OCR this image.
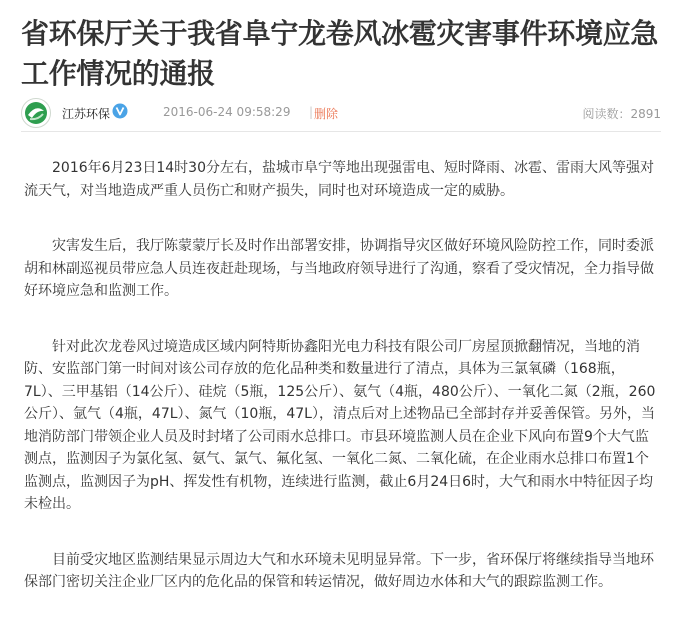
省环保厅关于我省阜宁龙卷风冰雹灾害事件环境应急工作情况的通报
江苏环保	2016-06-24 09:58:29 | 删除	阅读数：2891

2016年6月23日14时30分左右，盐城市阜宁等地出现强雷电、短时降雨、冰雹、雷雨大风等强对流天气，对当地造成严重人员伤亡和财产损失，同时也对环境造成一定的威胁。

灾害发生后，我厅陈蒙蒙厅长及时作出部署安排，协调指导灾区做好环境风险防控工作，同时委派胡和林副巡视员带应急人员连夜赶赴现场，与当地政府领导进行了沟通，察看了受灾情况，全力指导做好环境应急和监测工作。

针对此次龙卷风过境造成区域内阿特斯协鑫阳光电力科技有限公司厂房屋顶掀翻情况，当地的消防、安监部门第一时间对该公司存放的危化品种类和数量进行了清点，具体为三氯氧磷（168瓶，7L）、三甲基铝（14公斤）、硅烷（5瓶，125公斤）、氨气（4瓶，480公斤）、一氧化二氮（2瓶，260公斤）、氩气（4瓶，47L）、氮气（10瓶，47L），清点后对上述物品已全部封存并妥善保管。另外，当地消防部门带领企业人员及时封堵了公司雨水总排口。市县环境监测人员在企业下风向布置9个大气监测点，监测因子为氯化氢、氨气、氯气、氟化氢、一氧化二氮、二氧化硫，在企业雨水总排口布置1个监测点，监测因子为pH、挥发性有机物，连续进行监测，截止6月24日6时，大气和雨水中特征因子均未检出。

目前受灾地区监测结果显示周边大气和水环境未见明显异常。下一步，省环保厅将继续指导当地环保部门密切关注企业厂区内的危化品的保管和转运情况，做好周边水体和大气的跟踪监测工作。
